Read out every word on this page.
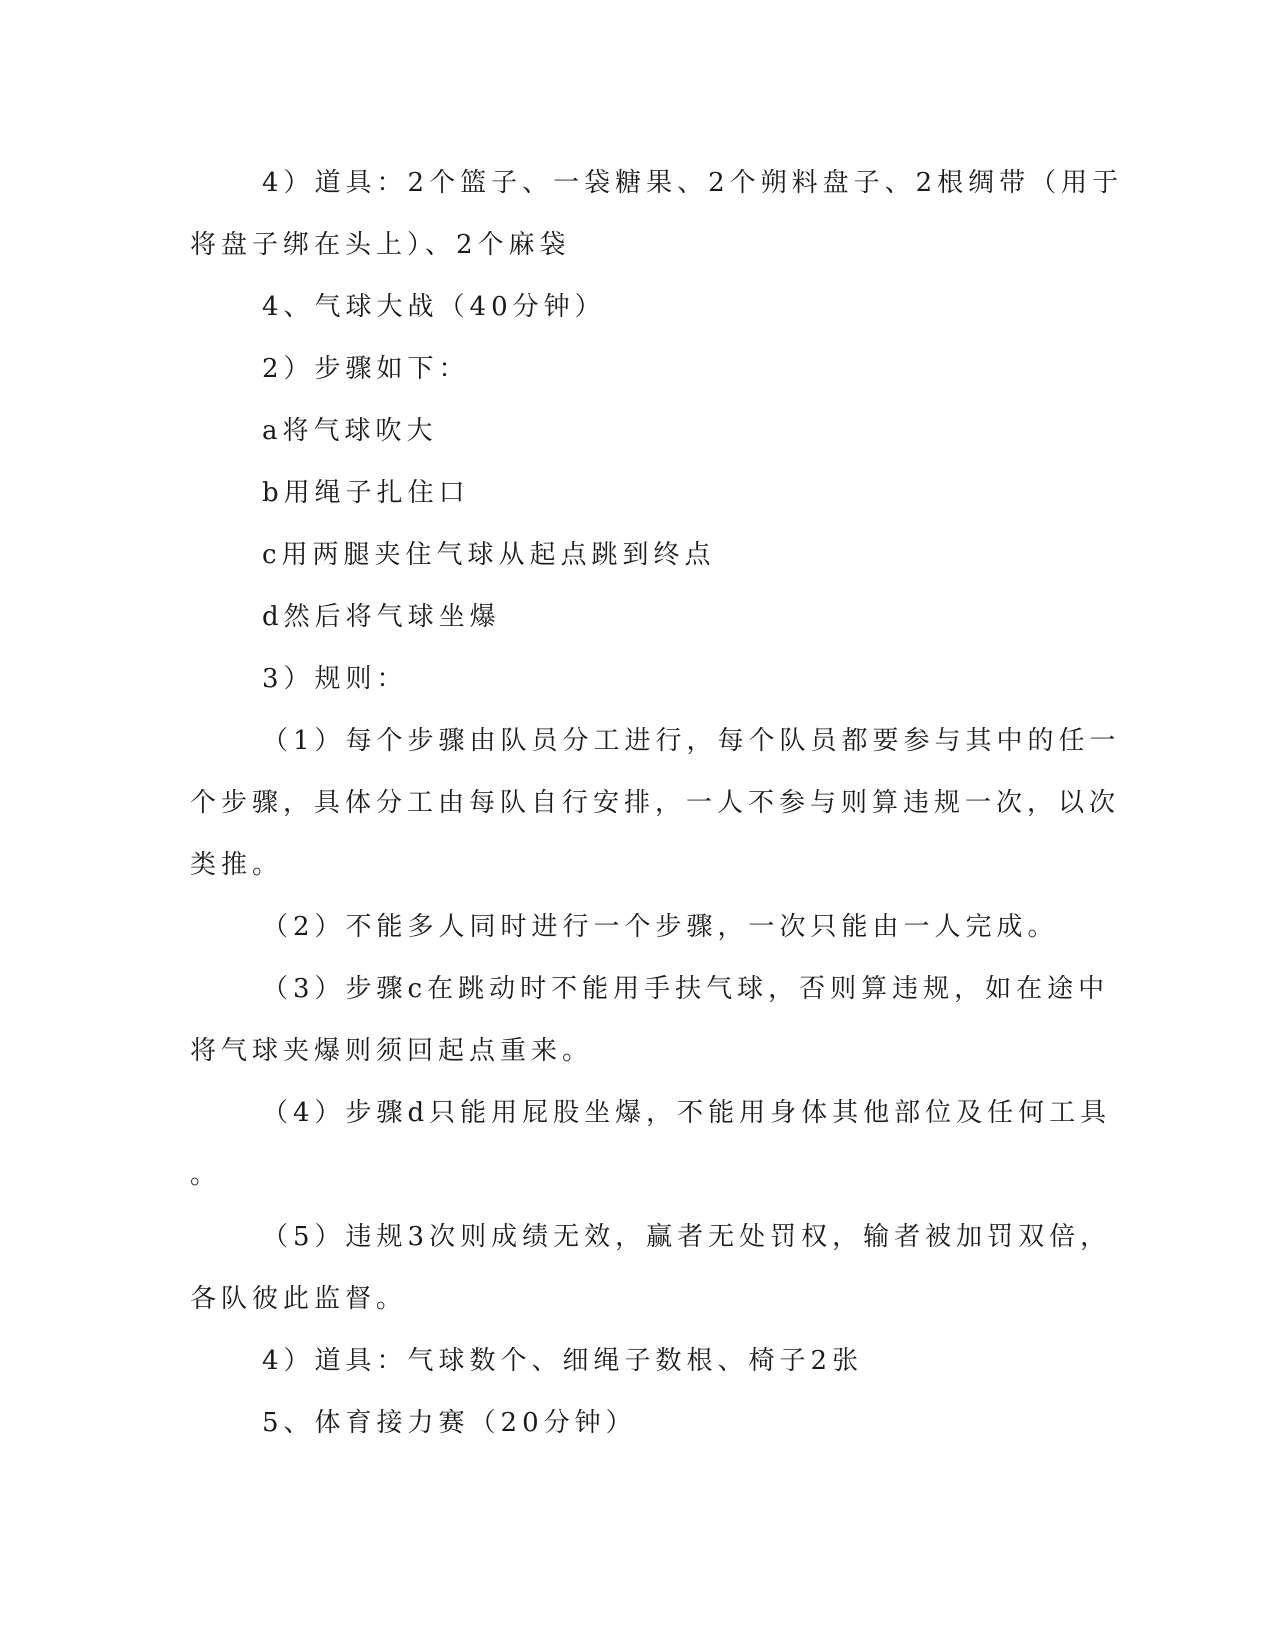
4）道具：2个篮子、一袋糖果、2个朔料盘子、2根绸带（用于
将盘子绑在头上）、2个麻袋
4、气球大战（40分钟）
2）步骤如下：
a将气球吹大
b用绳子扎住口
c用两腿夹住气球从起点跳到终点
d然后将气球坐爆
3）规则：
（1）每个步骤由队员分工进行，每个队员都要参与其中的任一
个步骤，具体分工由每队自行安排，一人不参与则算违规一次，以次
类推。
（2）不能多人同时进行一个步骤，一次只能由一人完成。
（3）步骤c在跳动时不能用手扶气球，否则算违规，如在途中
将气球夹爆则须回起点重来。
（4）步骤d只能用屁股坐爆，不能用身体其他部位及任何工具
。
（5）违规3次则成绩无效，赢者无处罚权，输者被加罚双倍，
各队彼此监督。
4）道具：气球数个、细绳子数根、椅子2张
5、体育接力赛（20分钟）
